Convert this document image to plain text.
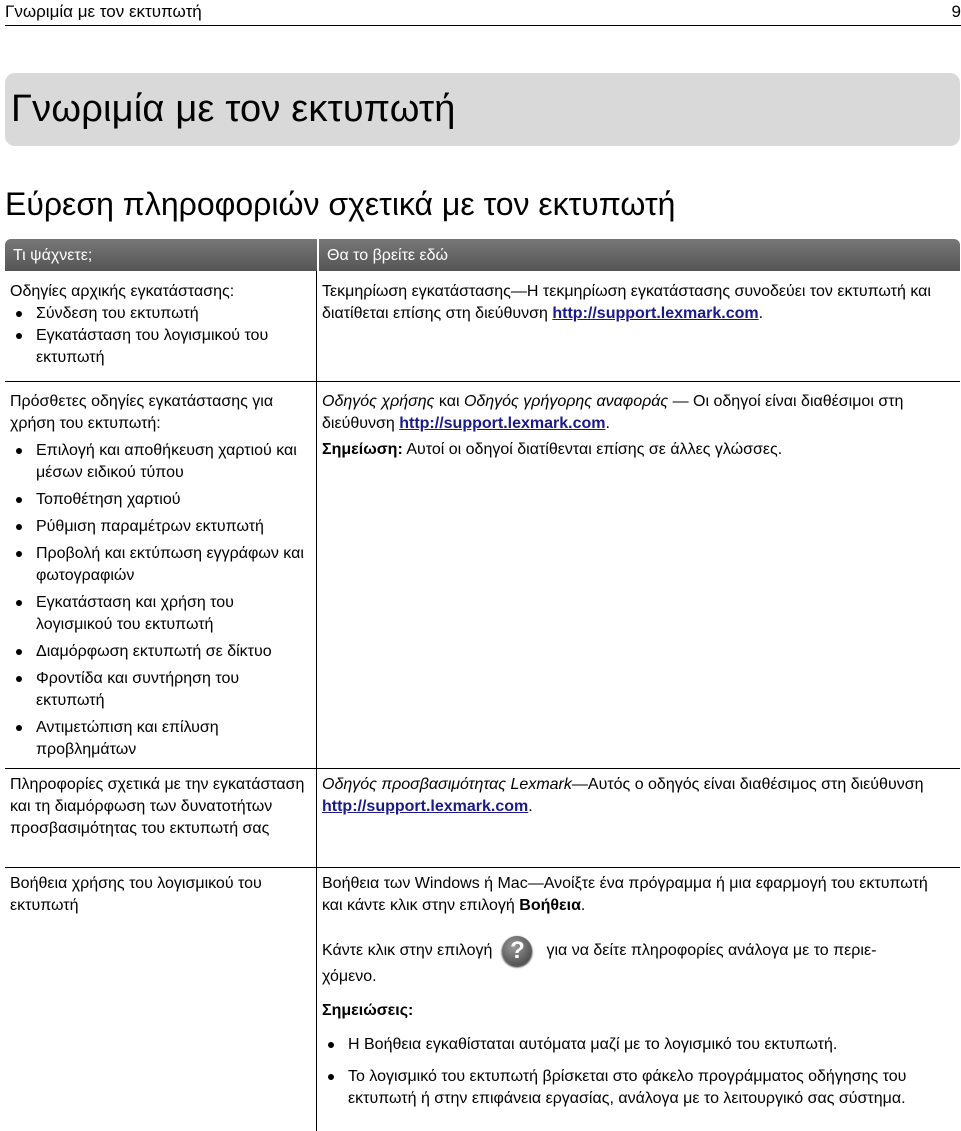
Γνωριμία με τον εκτυπωτή	9
Γνωριμία με τον εκτυπωτή
Εύρεση πληροφοριών σχετικά με τον εκτυπωτή
Τι ψάχνετε;	Θα το βρείτε εδώ
Οδηγίες αρχικής εγκατάστασης:
Σύνδεση του εκτυπωτή
Εγκατάσταση του λογισμικού του εκτυπωτή
Τεκμηρίωση εγκατάστασης—Η τεκμηρίωση εγκατάστασης συνοδεύει τον εκτυπωτή και διατίθεται επίσης στη διεύθυνση http://support.lexmark.com.
Πρόσθετες οδηγίες εγκατάστασης για χρήση του εκτυπωτή:
Επιλογή και αποθήκευση χαρτιού και μέσων ειδικού τύπου
Τοποθέτηση χαρτιού
Ρύθμιση παραμέτρων εκτυπωτή
Προβολή και εκτύπωση εγγράφων και φωτογραφιών
Εγκατάσταση και χρήση του λογισμικού του εκτυπωτή
Διαμόρφωση εκτυπωτή σε δίκτυο
Φροντίδα και συντήρηση του εκτυπωτή
Αντιμετώπιση και επίλυση προβλημάτων
Οδηγός χρήσης και Οδηγός γρήγορης αναφοράς — Οι οδηγοί είναι διαθέσιμοι στη διεύθυνση http://support.lexmark.com.
Σημείωση: Αυτοί οι οδηγοί διατίθενται επίσης σε άλλες γλώσσες.
Πληροφορίες σχετικά με την εγκατάσταση και τη διαμόρφωση των δυνατοτήτων προσβασιμότητας του εκτυπωτή σας
Οδηγός προσβασιμότητας Lexmark—Αυτός ο οδηγός είναι διαθέσιμος στη διεύθυνση http://support.lexmark.com.
Βοήθεια χρήσης του λογισμικού του εκτυπωτή
Βοήθεια των Windows ή Mac—Ανοίξτε ένα πρόγραμμα ή μια εφαρμογή του εκτυπωτή και κάντε κλικ στην επιλογή Βοήθεια.
Κάντε κλικ στην επιλογή ? για να δείτε πληροφορίες ανάλογα με το περιε-
χόμενο.
Σημειώσεις:
Η Βοήθεια εγκαθίσταται αυτόματα μαζί με το λογισμικό του εκτυπωτή.
Το λογισμικό του εκτυπωτή βρίσκεται στο φάκελο προγράμματος οδήγησης του εκτυπωτή ή στην επιφάνεια εργασίας, ανάλογα με το λειτουργικό σας σύστημα.
